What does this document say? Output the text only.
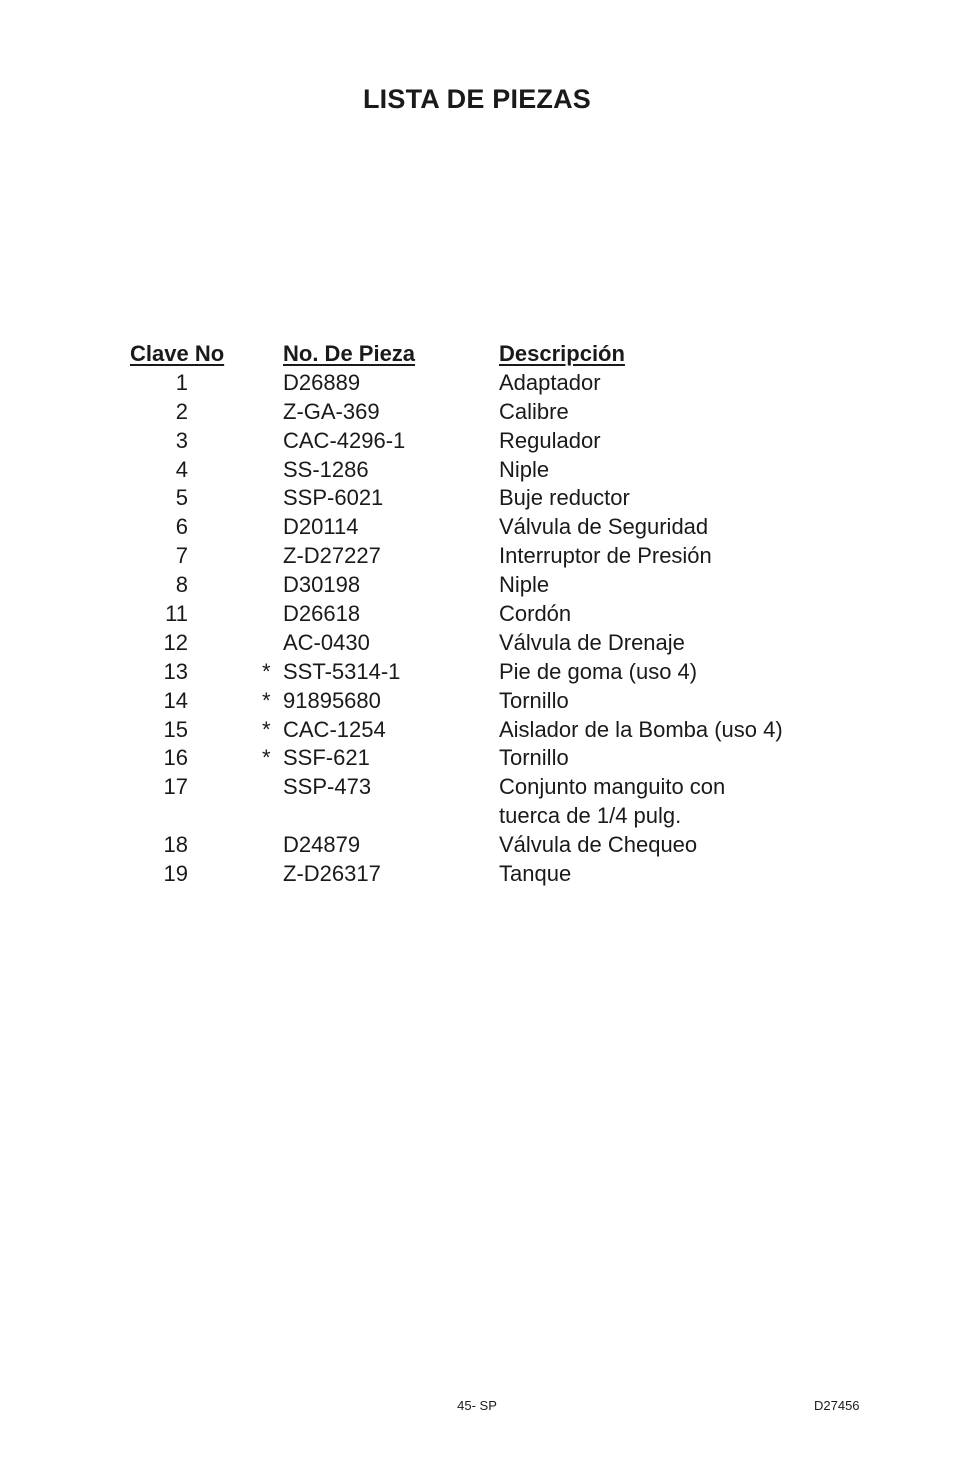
LISTA DE PIEZAS
Clave No	No. De Pieza	Descripción
1	D26889	Adaptador
2	Z-GA-369	Calibre
3	CAC-4296-1	Regulador
4	SS-1286	Niple
5	SSP-6021	Buje reductor
6	D20114	Válvula de Seguridad
7	Z-D27227	Interruptor de Presión
8	D30198	Niple
11	D26618	Cordón
12	AC-0430	Válvula de Drenaje
13	* SST-5314-1	Pie de goma (uso 4)
14	* 91895680	Tornillo
15	* CAC-1254	Aislador de la Bomba (uso 4)
16	* SSF-621	Tornillo
17	SSP-473	Conjunto manguito con
tuerca de 1/4 pulg.
18	D24879	Válvula de Chequeo
19	Z-D26317	Tanque
45- SP	D27456
